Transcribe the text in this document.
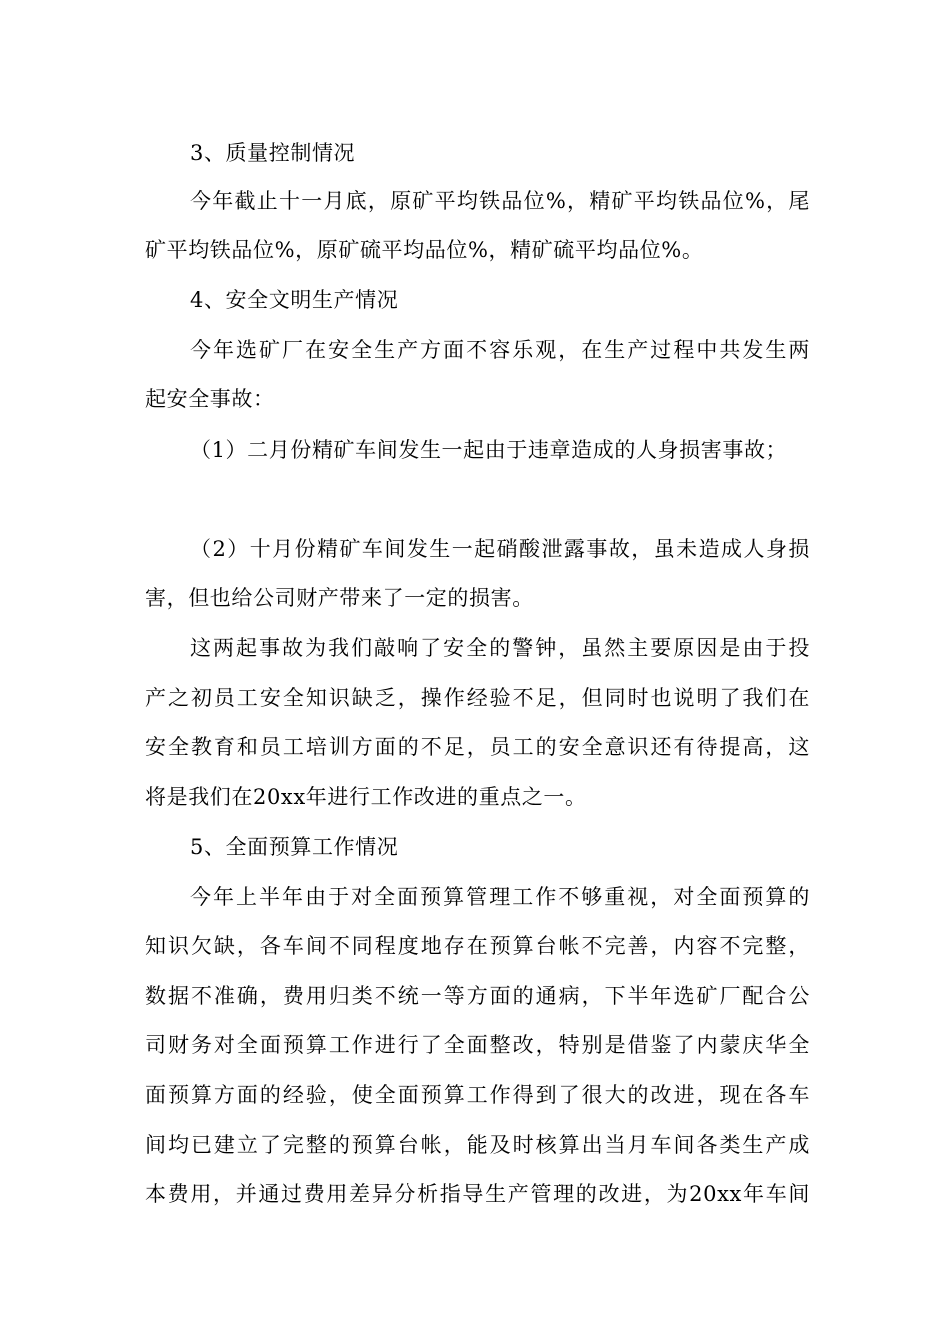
3、质量控制情况
今年截止十一月底，原矿平均铁品位%，精矿平均铁品位%，尾
矿平均铁品位%，原矿硫平均品位%，精矿硫平均品位%。
4、安全文明生产情况
今年选矿厂在安全生产方面不容乐观，在生产过程中共发生两
起安全事故：
（1）二月份精矿车间发生一起由于违章造成的人身损害事故；
（2）十月份精矿车间发生一起硝酸泄露事故，虽未造成人身损
害，但也给公司财产带来了一定的损害。
这两起事故为我们敲响了安全的警钟，虽然主要原因是由于投
产之初员工安全知识缺乏，操作经验不足，但同时也说明了我们在
安全教育和员工培训方面的不足，员工的安全意识还有待提高，这
将是我们在20xx年进行工作改进的重点之一。
5、全面预算工作情况
今年上半年由于对全面预算管理工作不够重视，对全面预算的
知识欠缺，各车间不同程度地存在预算台帐不完善，内容不完整，
数据不准确，费用归类不统一等方面的通病，下半年选矿厂配合公
司财务对全面预算工作进行了全面整改，特别是借鉴了内蒙庆华全
面预算方面的经验，使全面预算工作得到了很大的改进，现在各车
间均已建立了完整的预算台帐，能及时核算出当月车间各类生产成
本费用，并通过费用差异分析指导生产管理的改进，为20xx年车间
